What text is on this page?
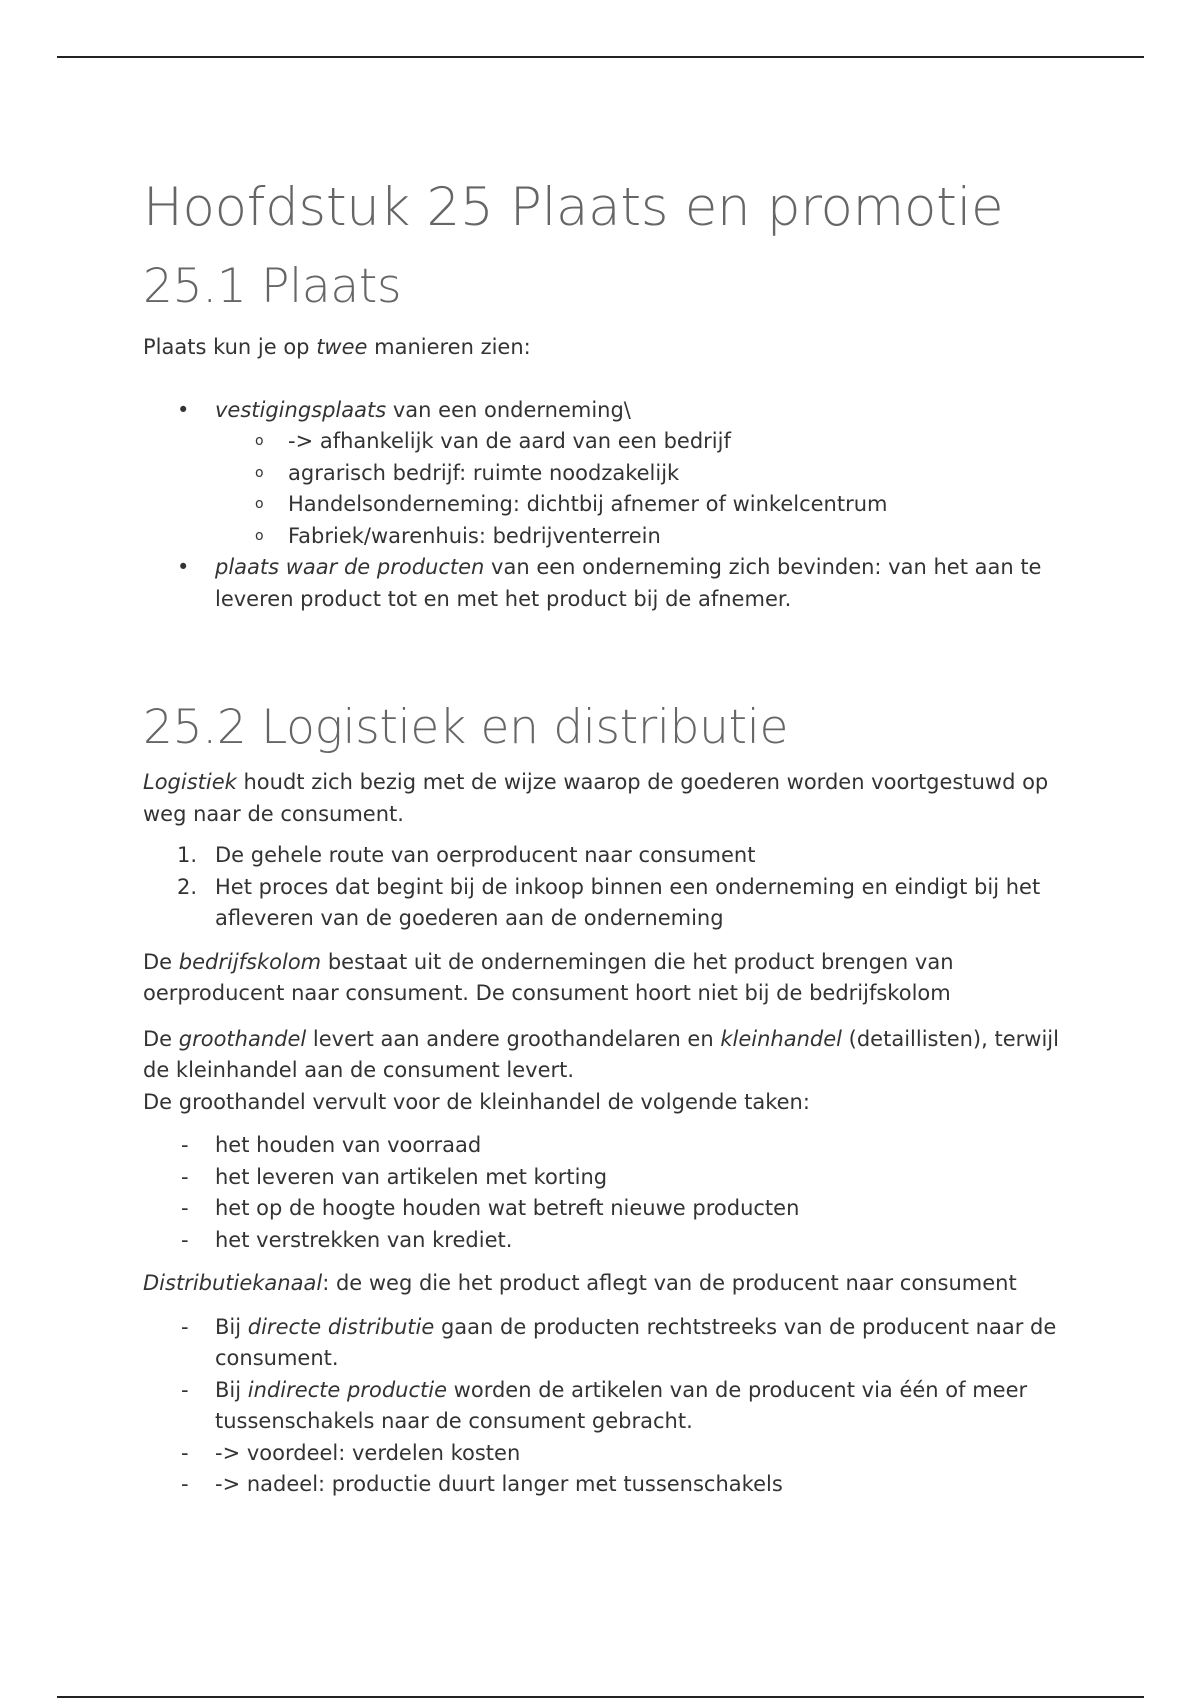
Hoofdstuk 25 Plaats en promotie
25.1 Plaats

Plaats kun je op twee manieren zien:

• vestigingsplaats van een onderneming\
o -> afhankelijk van de aard van een bedrijf
o agrarisch bedrijf: ruimte noodzakelijk
o Handelsonderneming: dichtbij afnemer of winkelcentrum
o Fabriek/warenhuis: bedrijventerrein
• plaats waar de producten van een onderneming zich bevinden: van het aan te leveren product tot en met het product bij de afnemer.
25.2 Logistiek en distributie

Logistiek houdt zich bezig met de wijze waarop de goederen worden voortgestuwd op weg naar de consument.

1. De gehele route van oerproducent naar consument
2. Het proces dat begint bij de inkoop binnen een onderneming en eindigt bij het afleveren van de goederen aan de onderneming

De bedrijfskolom bestaat uit de ondernemingen die het product brengen van oerproducent naar consument. De consument hoort niet bij de bedrijfskolom

De groothandel levert aan andere groothandelaren en kleinhandel (detaillisten), terwijl de kleinhandel aan de consument levert.

De groothandel vervult voor de kleinhandel de volgende taken:

- het houden van voorraad
- het leveren van artikelen met korting
- het op de hoogte houden wat betreft nieuwe producten
- het verstrekken van krediet.

Distributiekanaal: de weg die het product aflegt van de producent naar consument

- Bij directe distributie gaan de producten rechtstreeks van de producent naar de consument.
- Bij indirecte productie worden de artikelen van de producent via één of meer tussenschakels naar de consument gebracht.
- -> voordeel: verdelen kosten
- -> nadeel: productie duurt langer met tussenschakels
